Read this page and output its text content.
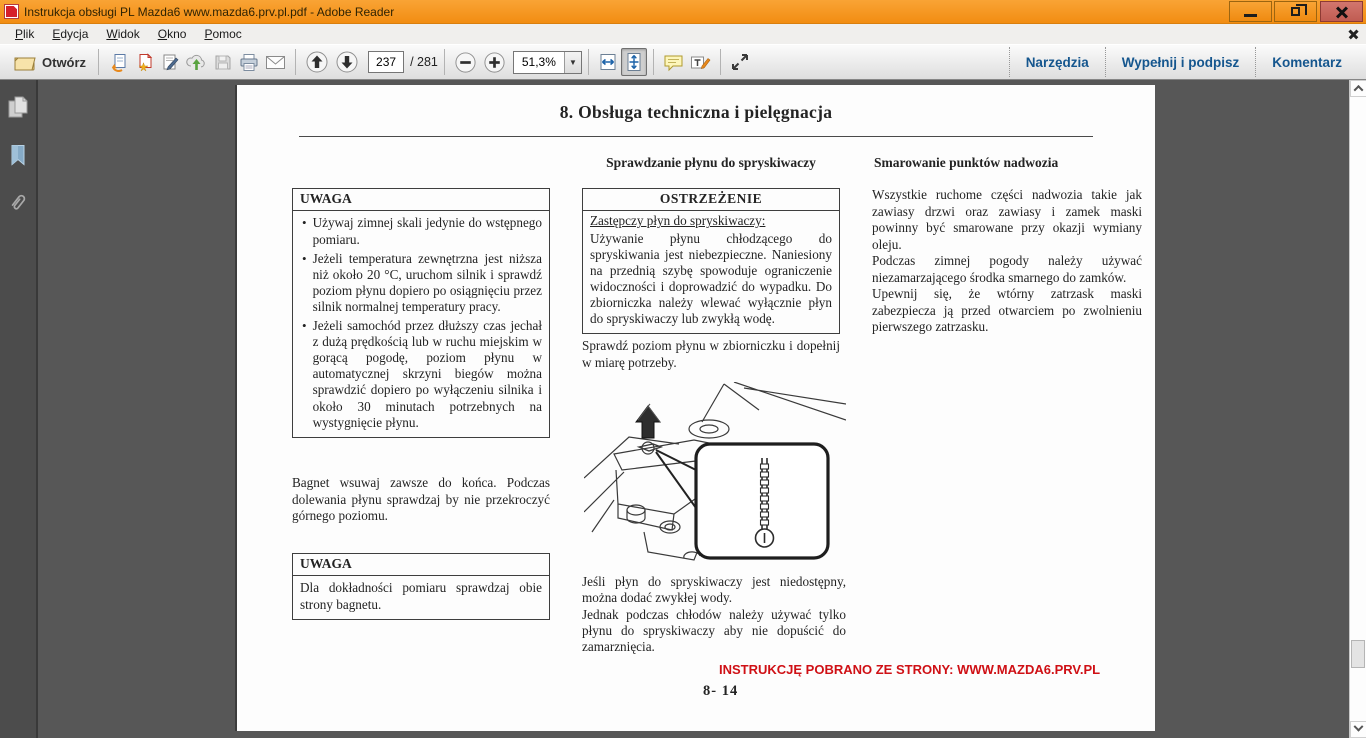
Instrukcja obsługi PL Mazda6 www.mazda6.prv.pl.pdf - Adobe Reader
Plik	Edycja	Widok	Okno	Pomoc
Otwórz
237	/ 281	51,3%	▼	Narzędzia	Wypełnij i podpisz	Komentarz
8. Obsługa techniczna i pielęgnacja
Sprawdzanie płynu do spryskiwaczy	Smarowanie punktów nadwozia
UWAGA
• Używaj zimnej skali jedynie do wstępnego pomiaru.
• Jeżeli temperatura zewnętrzna jest niższa niż około 20 °C, uruchom silnik i sprawdź poziom płynu dopiero po osiągnięciu przez silnik normalnej temperatury pracy.
• Jeżeli samochód przez dłuższy czas jechał z dużą prędkością lub w ruchu miejskim w gorącą pogodę, poziom płynu w automatycznej skrzyni biegów można sprawdzić dopiero po wyłączeniu silnika i około 30 minutach potrzebnych na wystygnięcie płynu.
Bagnet wsuwaj zawsze do końca. Podczas dolewania płynu sprawdzaj by nie przekroczyć górnego poziomu.
UWAGA
Dla dokładności pomiaru sprawdzaj obie strony bagnetu.
OSTRZEŻENIE
Zastępczy płyn do spryskiwaczy:
Używanie płynu chłodzącego do spryskiwania jest niebezpieczne. Naniesiony na przednią szybę spowoduje ograniczenie widoczności i doprowadzić do wypadku. Do zbiorniczka należy wlewać wyłącznie płyn do spryskiwaczy lub zwykłą wodę.
Sprawdź poziom płynu w zbiorniczku i dopełnij w miarę potrzeby.
Jeśli płyn do spryskiwaczy jest niedostępny, można dodać zwykłej wody.
Jednak podczas chłodów należy używać tylko płynu do spryskiwaczy aby nie dopuścić do zamarznięcia.

Wszystkie ruchome części nadwozia takie jak zawiasy drzwi oraz zawiasy i zamek maski powinny być smarowane przy okazji wymiany oleju.

Podczas zimnej pogody należy używać niezamarzającego środka smarnego do zamków.

Upewnij się, że wtórny zatrzask maski zabezpiecza ją przed otwarciem po zwolnieniu pierwszego zatrzasku.

INSTRUKCJĘ POBRANO ZE STRONY: WWW.MAZDA6.PRV.PL
8- 14
